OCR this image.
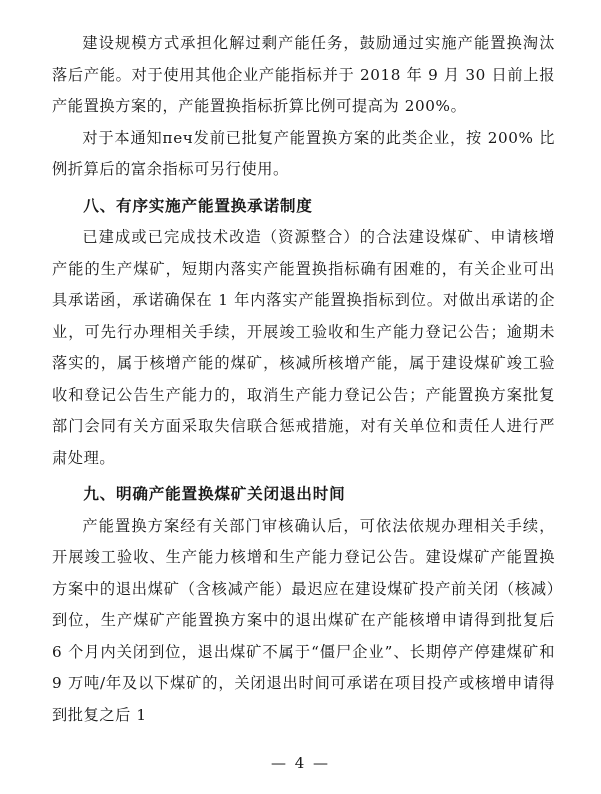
建设规模方式承担化解过剩产能任务，鼓励通过实施产能置换淘汰落后产能。对于使用其他企业产能指标并于 2018 年 9 月 30 日前上报产能置换方案的，产能置换指标折算比例可提高为 200%。

对于本通知печ发前已批复产能置换方案的此类企业，按 200% 比例折算后的富余指标可另行使用。

八、有序实施产能置换承诺制度

已建成或已完成技术改造（资源整合）的合法建设煤矿、申请核增产能的生产煤矿，短期内落实产能置换指标确有困难的，有关企业可出具承诺函，承诺确保在 1 年内落实产能置换指标到位。对做出承诺的企业，可先行办理相关手续，开展竣工验收和生产能力登记公告；逾期未落实的，属于核增产能的煤矿，核减所核增产能，属于建设煤矿竣工验收和登记公告生产能力的，取消生产能力登记公告；产能置换方案批复部门会同有关方面采取失信联合惩戒措施，对有关单位和责任人进行严肃处理。

九、明确产能置换煤矿关闭退出时间

产能置换方案经有关部门审核确认后，可依法依规办理相关手续，开展竣工验收、生产能力核增和生产能力登记公告。建设煤矿产能置换方案中的退出煤矿（含核减产能）最迟应在建设煤矿投产前关闭（核减）到位，生产煤矿产能置换方案中的退出煤矿在产能核增申请得到批复后 6 个月内关闭到位，退出煤矿不属于“僵尸企业”、长期停产停建煤矿和 9 万吨/年及以下煤矿的，关闭退出时间可承诺在项目投产或核增申请得到批复之后 1

— 4 —
